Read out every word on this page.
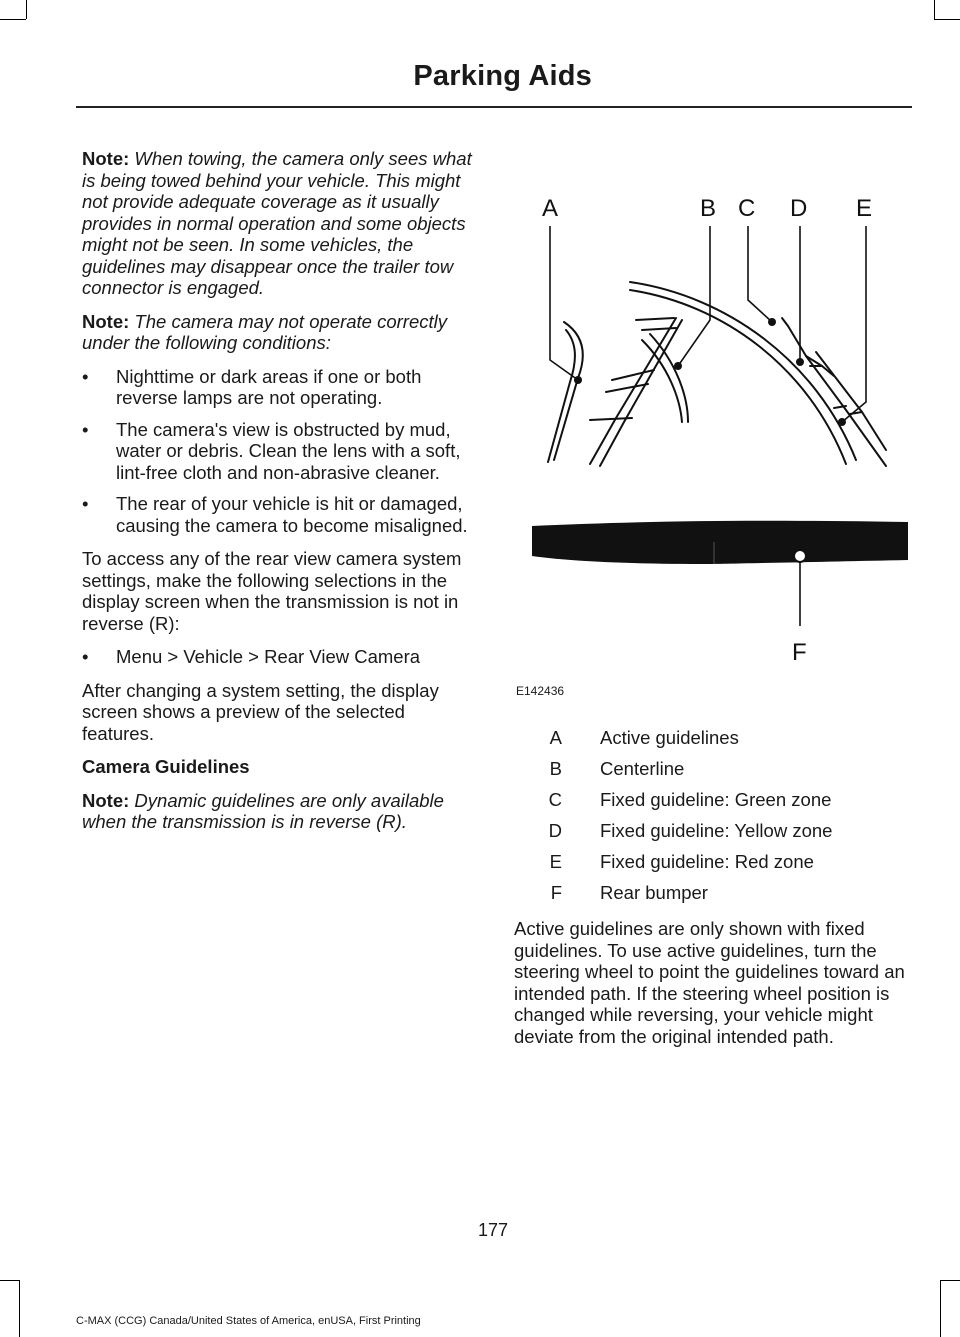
Parking Aids

Note: When towing, the camera only sees what is being towed behind your vehicle. This might not provide adequate coverage as it usually provides in normal operation and some objects might not be seen. In some vehicles, the guidelines may disappear once the trailer tow connector is engaged.

Note: The camera may not operate correctly under the following conditions:

• Nighttime or dark areas if one or both reverse lamps are not operating.
• The camera's view is obstructed by mud, water or debris. Clean the lens with a soft, lint-free cloth and non-abrasive cleaner.
• The rear of your vehicle is hit or damaged, causing the camera to become misaligned.

To access any of the rear view camera system settings, make the following selections in the display screen when the transmission is not in reverse (R):

• Menu > Vehicle > Rear View Camera

After changing a system setting, the display screen shows a preview of the selected features.

Camera Guidelines

Note: Dynamic guidelines are only available when the transmission is in reverse (R).

A	B C D E
F
E142436
A Active guidelines
B Centerline
C Fixed guideline: Green zone
D Fixed guideline: Yellow zone
E Fixed guideline: Red zone
F Rear bumper

Active guidelines are only shown with fixed guidelines. To use active guidelines, turn the steering wheel to point the guidelines toward an intended path. If the steering wheel position is changed while reversing, your vehicle might deviate from the original intended path.

177
C-MAX (CCG) Canada/United States of America, enUSA, First Printing
